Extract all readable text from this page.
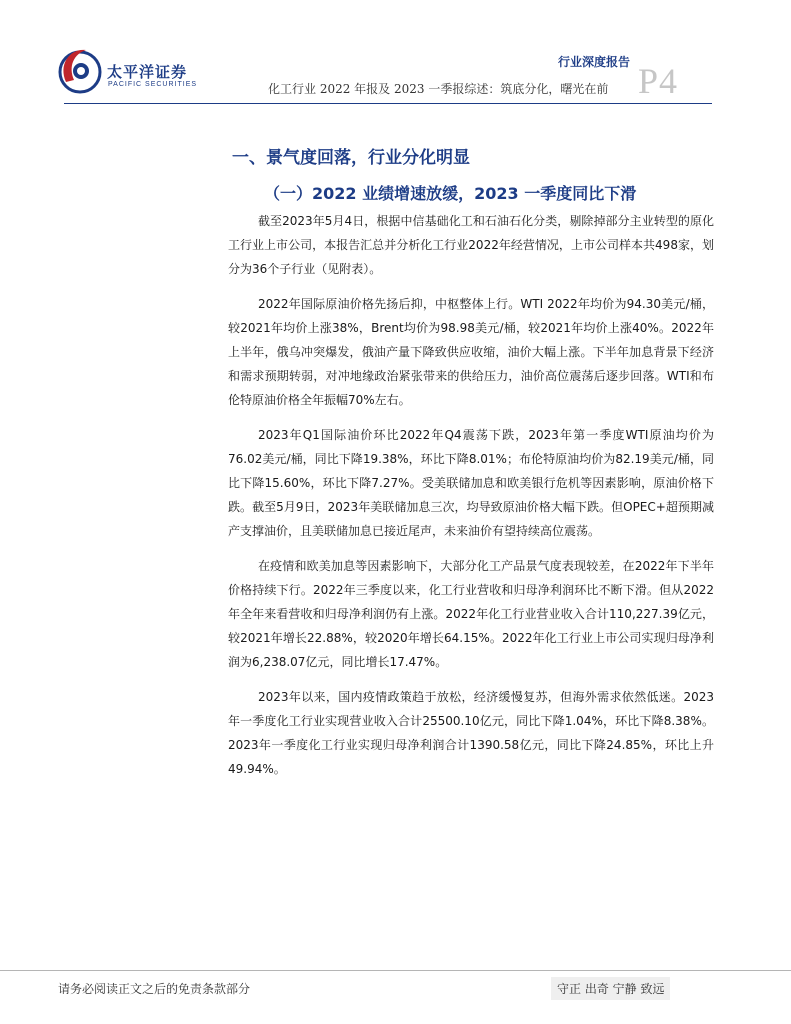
太平洋证券
PACIFIC SECURITIES
行业深度报告
化工行业 2022 年报及 2023 一季报综述：筑底分化，曙光在前 P4
一、景气度回落，行业分化明显
（一）2022 业绩增速放缓，2023 一季度同比下滑

截至2023年5月4日，根据中信基础化工和石油石化分类，剔除掉部分主业转型的原化工行业上市公司，本报告汇总并分析化工行业2022年经营情况，上市公司样本共498家，划分为36个子行业（见附表）。

2022年国际原油价格先扬后抑，中枢整体上行。WTI 2022年均价为94.30美元/桶，较2021年均价上涨38%，Brent均价为98.98美元/桶，较2021年均价上涨40%。2022年上半年，俄乌冲突爆发，俄油产量下降致供应收缩，油价大幅上涨。下半年加息背景下经济和需求预期转弱，对冲地缘政治紧张带来的供给压力，油价高位震荡后逐步回落。WTI和布伦特原油价格全年振幅70%左右。

2023年Q1国际油价环比2022年Q4震荡下跌，2023年第一季度WTI原油均价为76.02美元/桶，同比下降19.38%，环比下降8.01%；布伦特原油均价为82.19美元/桶，同比下降15.60%，环比下降7.27%。受美联储加息和欧美银行危机等因素影响，原油价格下跌。截至5月9日，2023年美联储加息三次，均导致原油价格大幅下跌。但OPEC+超预期减产支撑油价，且美联储加息已接近尾声，未来油价有望持续高位震荡。

在疫情和欧美加息等因素影响下，大部分化工产品景气度表现较差，在2022年下半年价格持续下行。2022年三季度以来，化工行业营收和归母净利润环比不断下滑。但从2022年全年来看营收和归母净利润仍有上涨。2022年化工行业营业收入合计110,227.39亿元，较2021年增长22.88%，较2020年增长64.15%。2022年化工行业上市公司实现归母净利润为6,238.07亿元，同比增长17.47%。

2023年以来，国内疫情政策趋于放松，经济缓慢复苏，但海外需求依然低迷。2023年一季度化工行业实现营业收入合计25500.10亿元，同比下降1.04%，环比下降8.38%。2023年一季度化工行业实现归母净利润合计1390.58亿元，同比下降24.85%，环比上升49.94%。

请务必阅读正文之后的免责条款部分	守正 出奇 宁静 致远
